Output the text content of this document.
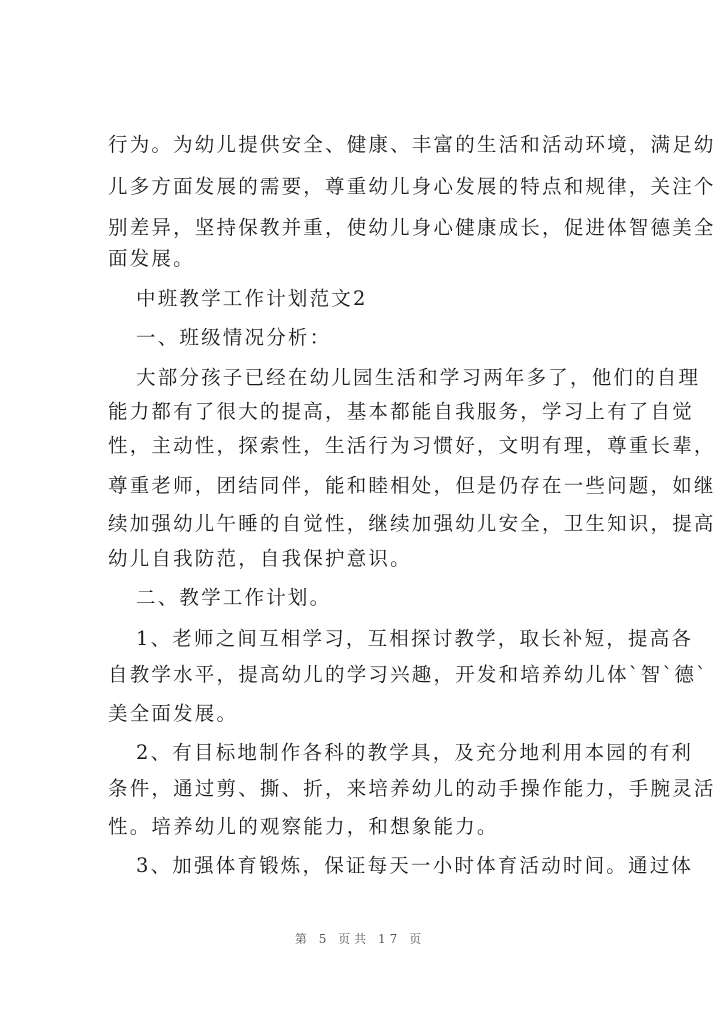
行为。为幼儿提供安全、健康、丰富的生活和活动环境，满足幼
儿多方面发展的需要，尊重幼儿身心发展的特点和规律，关注个
别差异，坚持保教并重，使幼儿身心健康成长，促进体智德美全
面发展。
中班教学工作计划范文2
一、班级情况分析：
大部分孩子已经在幼儿园生活和学习两年多了，他们的自理
能力都有了很大的提高，基本都能自我服务，学习上有了自觉
性，主动性，探索性，生活行为习惯好，文明有理，尊重长辈，
尊重老师，团结同伴，能和睦相处，但是仍存在一些问题，如继
续加强幼儿午睡的自觉性，继续加强幼儿安全，卫生知识，提高
幼儿自我防范，自我保护意识。
二、教学工作计划。
1、老师之间互相学习，互相探讨教学，取长补短，提高各
自教学水平，提高幼儿的学习兴趣，开发和培养幼儿体`智`德`
美全面发展。
2、有目标地制作各科的教学具，及充分地利用本园的有利
条件，通过剪、撕、折，来培养幼儿的动手操作能力，手腕灵活
性。培养幼儿的观察能力，和想象能力。
3、加强体育锻炼，保证每天一小时体育活动时间。通过体
第 5 页共 17 页
